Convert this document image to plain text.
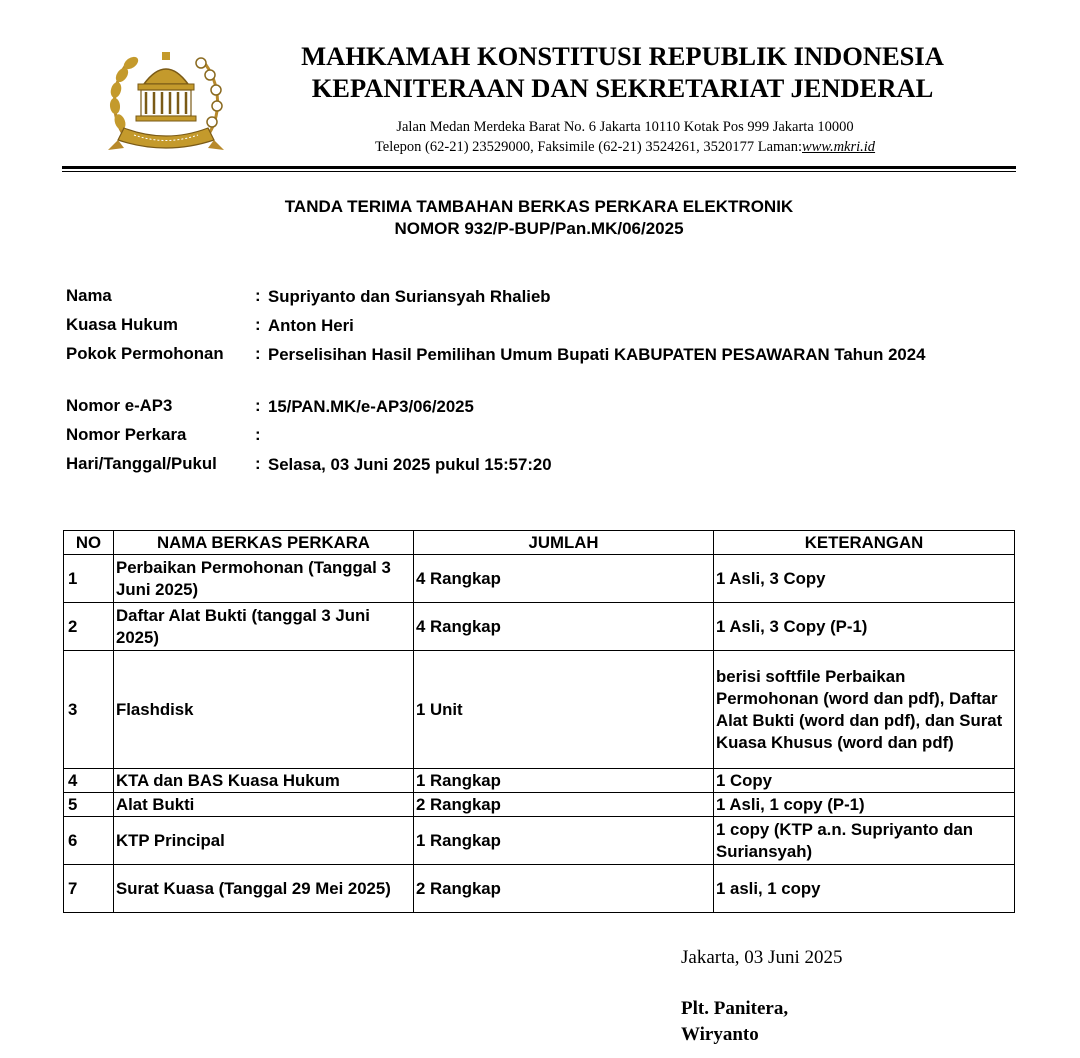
MAHKAMAH KONSTITUSI REPUBLIK INDONESIA
KEPANITERAAN DAN SEKRETARIAT JENDERAL
Jalan Medan Merdeka Barat No. 6 Jakarta 10110 Kotak Pos 999 Jakarta 10000
Telepon (62-21) 23529000, Faksimile (62-21) 3524261, 3520177 Laman:www.mkri.id
TANDA TERIMA TAMBAHAN BERKAS PERKARA ELEKTRONIK
NOMOR 932/P-BUP/Pan.MK/06/2025
Nama	: Supriyanto dan Suriansyah Rhalieb
Kuasa Hukum	: Anton Heri
Pokok Permohonan	: Perselisihan Hasil Pemilihan Umum Bupati KABUPATEN PESAWARAN Tahun 2024
Nomor e-AP3	: 15/PAN.MK/e-AP3/06/2025
Nomor Perkara	:
Hari/Tanggal/Pukul	: Selasa, 03 Juni 2025 pukul 15:57:20
NO	NAMA BERKAS PERKARA	JUMLAH	KETERANGAN
1	Perbaikan Permohonan (Tanggal 3 Juni 2025)	4 Rangkap	1 Asli, 3 Copy
2	Daftar Alat Bukti (tanggal 3 Juni 2025)	4 Rangkap	1 Asli, 3 Copy (P-1)
3	Flashdisk	1 Unit	berisi softfile Perbaikan Permohonan (word dan pdf), Daftar Alat Bukti (word dan pdf), dan Surat Kuasa Khusus (word dan pdf)
4	KTA dan BAS Kuasa Hukum	1 Rangkap	1 Copy
5	Alat Bukti	2 Rangkap	1 Asli, 1 copy (P-1)
6	KTP Principal	1 Rangkap	1 copy (KTP a.n. Supriyanto dan Suriansyah)
7	Surat Kuasa (Tanggal 29 Mei 2025)	2 Rangkap	1 asli, 1 copy
Jakarta, 03 Juni 2025
Plt. Panitera,
Wiryanto
